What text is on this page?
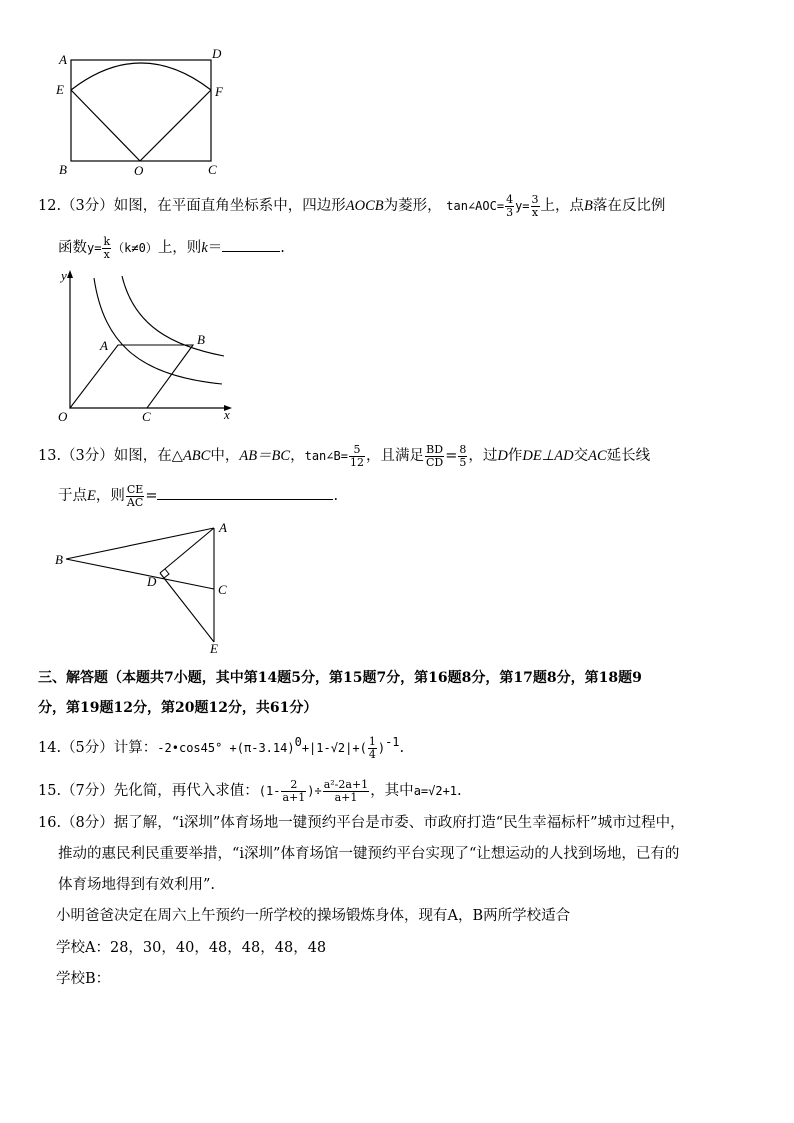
A	D
E	F
B	O	C
12.（3分）如图，在平面直角坐标系中，四边形AOCB为菱形， tan∠AOC= $\frac{4}{3} y= \frac{3}{x}$ 上，点B落在反比例
函数$y= \frac{k}{x} (k\ne 0)$上，则k＝	.
y
x
A	B
O	C
13.（3分）如图，在△ABC中，AB＝BC，tan∠B= $\frac{5}{12}$ ，且满足 $\frac{BD}{CD} = \frac{8}{5}$ ，过D作DE⊥AD交AC延长线
于点E，则 $\frac{CE}{AC}$ =	.
A
B
D
C
E
三、解答题（本题共7小题，其中第14题5分，第15题7分，第16题8分，第17题8分，第18题9
分，第19题12分，第20题12分，共61分）
14.（5分）计算：-2•cos45° $+(\pi-3.14)^0+|1-√2|+( \frac{1}{4} )^{-1}$.
15.（7分）先化简，再代入求值：($1- \frac{2}{a+1}$ )÷ $\frac{\text{a²-2a+1}}{a+1}$ ，其中a=√2+1.
16.（8分）据了解，“i深圳”体育场地一键预约平台是市委、市政府打造“民生幸福标杆”城市过程中，
推动的惠民利民重要举措，“i深圳”体育场馆一键预约平台实现了“让想运动的人找到场地，已有的
体育场地得到有效利用”.
小明爸爸决定在周六上午预约一所学校的操场锻炼身体，现有A，B两所学校适合
学校A：28，30，40，48，48，48，48
学校B：
